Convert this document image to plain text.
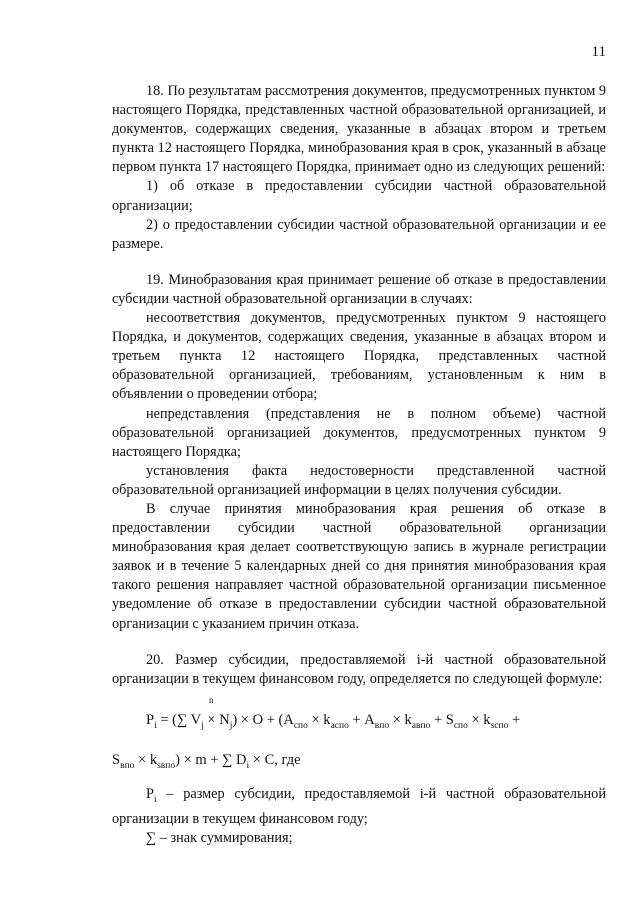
11

18. По результатам рассмотрения документов, предусмотренных пунктом 9 настоящего Порядка, представленных частной образовательной организацией, и документов, содержащих сведения, указанные в абзацах втором и третьем пункта 12 настоящего Порядка, минобразования края в срок, указанный в абзаце первом пункта 17 настоящего Порядка, принимает одно из следующих решений:

1) об отказе в предоставлении субсидии частной образовательной организации;

2) о предоставлении субсидии частной образовательной организации и ее размере.

19. Минобразования края принимает решение об отказе в предоставлении субсидии частной образовательной организации в случаях:

несоответствия документов, предусмотренных пунктом 9 настоящего Порядка, и документов, содержащих сведения, указанные в абзацах втором и третьем пункта 12 настоящего Порядка, представленных частной образовательной организацией, требованиям, установленным к ним в объявлении о проведении отбора;

непредставления (представления не в полном объеме) частной образовательной организацией документов, предусмотренных пунктом 9 настоящего Порядка;

установления факта недостоверности представленной частной образовательной организацией информации в целях получения субсидии.

В случае принятия минобразования края решения об отказе в предоставлении субсидии частной образовательной организации минобразования края делает соответствующую запись в журнале регистрации заявок и в течение 5 календарных дней со дня принятия минобразования края такого решения направляет частной образовательной организации письменное уведомление об отказе в предоставлении субсидии частной образовательной организации с указанием причин отказа.

20. Размер субсидии, предоставляемой i-й частной образовательной организации в текущем финансовом году, определяется по следующей формуле:

n
$P_i$ = (∑ $V_j \times N_j) \times O + (A_{спо} \times k_{аспо} + A_{впо} \times k_{авпо} + S_{спо} \times k_{sспо}$ +
$S_{впо} \times k_{sвпо}) \times m$ + ∑ $D_i \times C$, где

$P_i$ – размер субсидии, предоставляемой i-й частной образовательной организации в текущем финансовом году;

∑ – знак суммирования;
